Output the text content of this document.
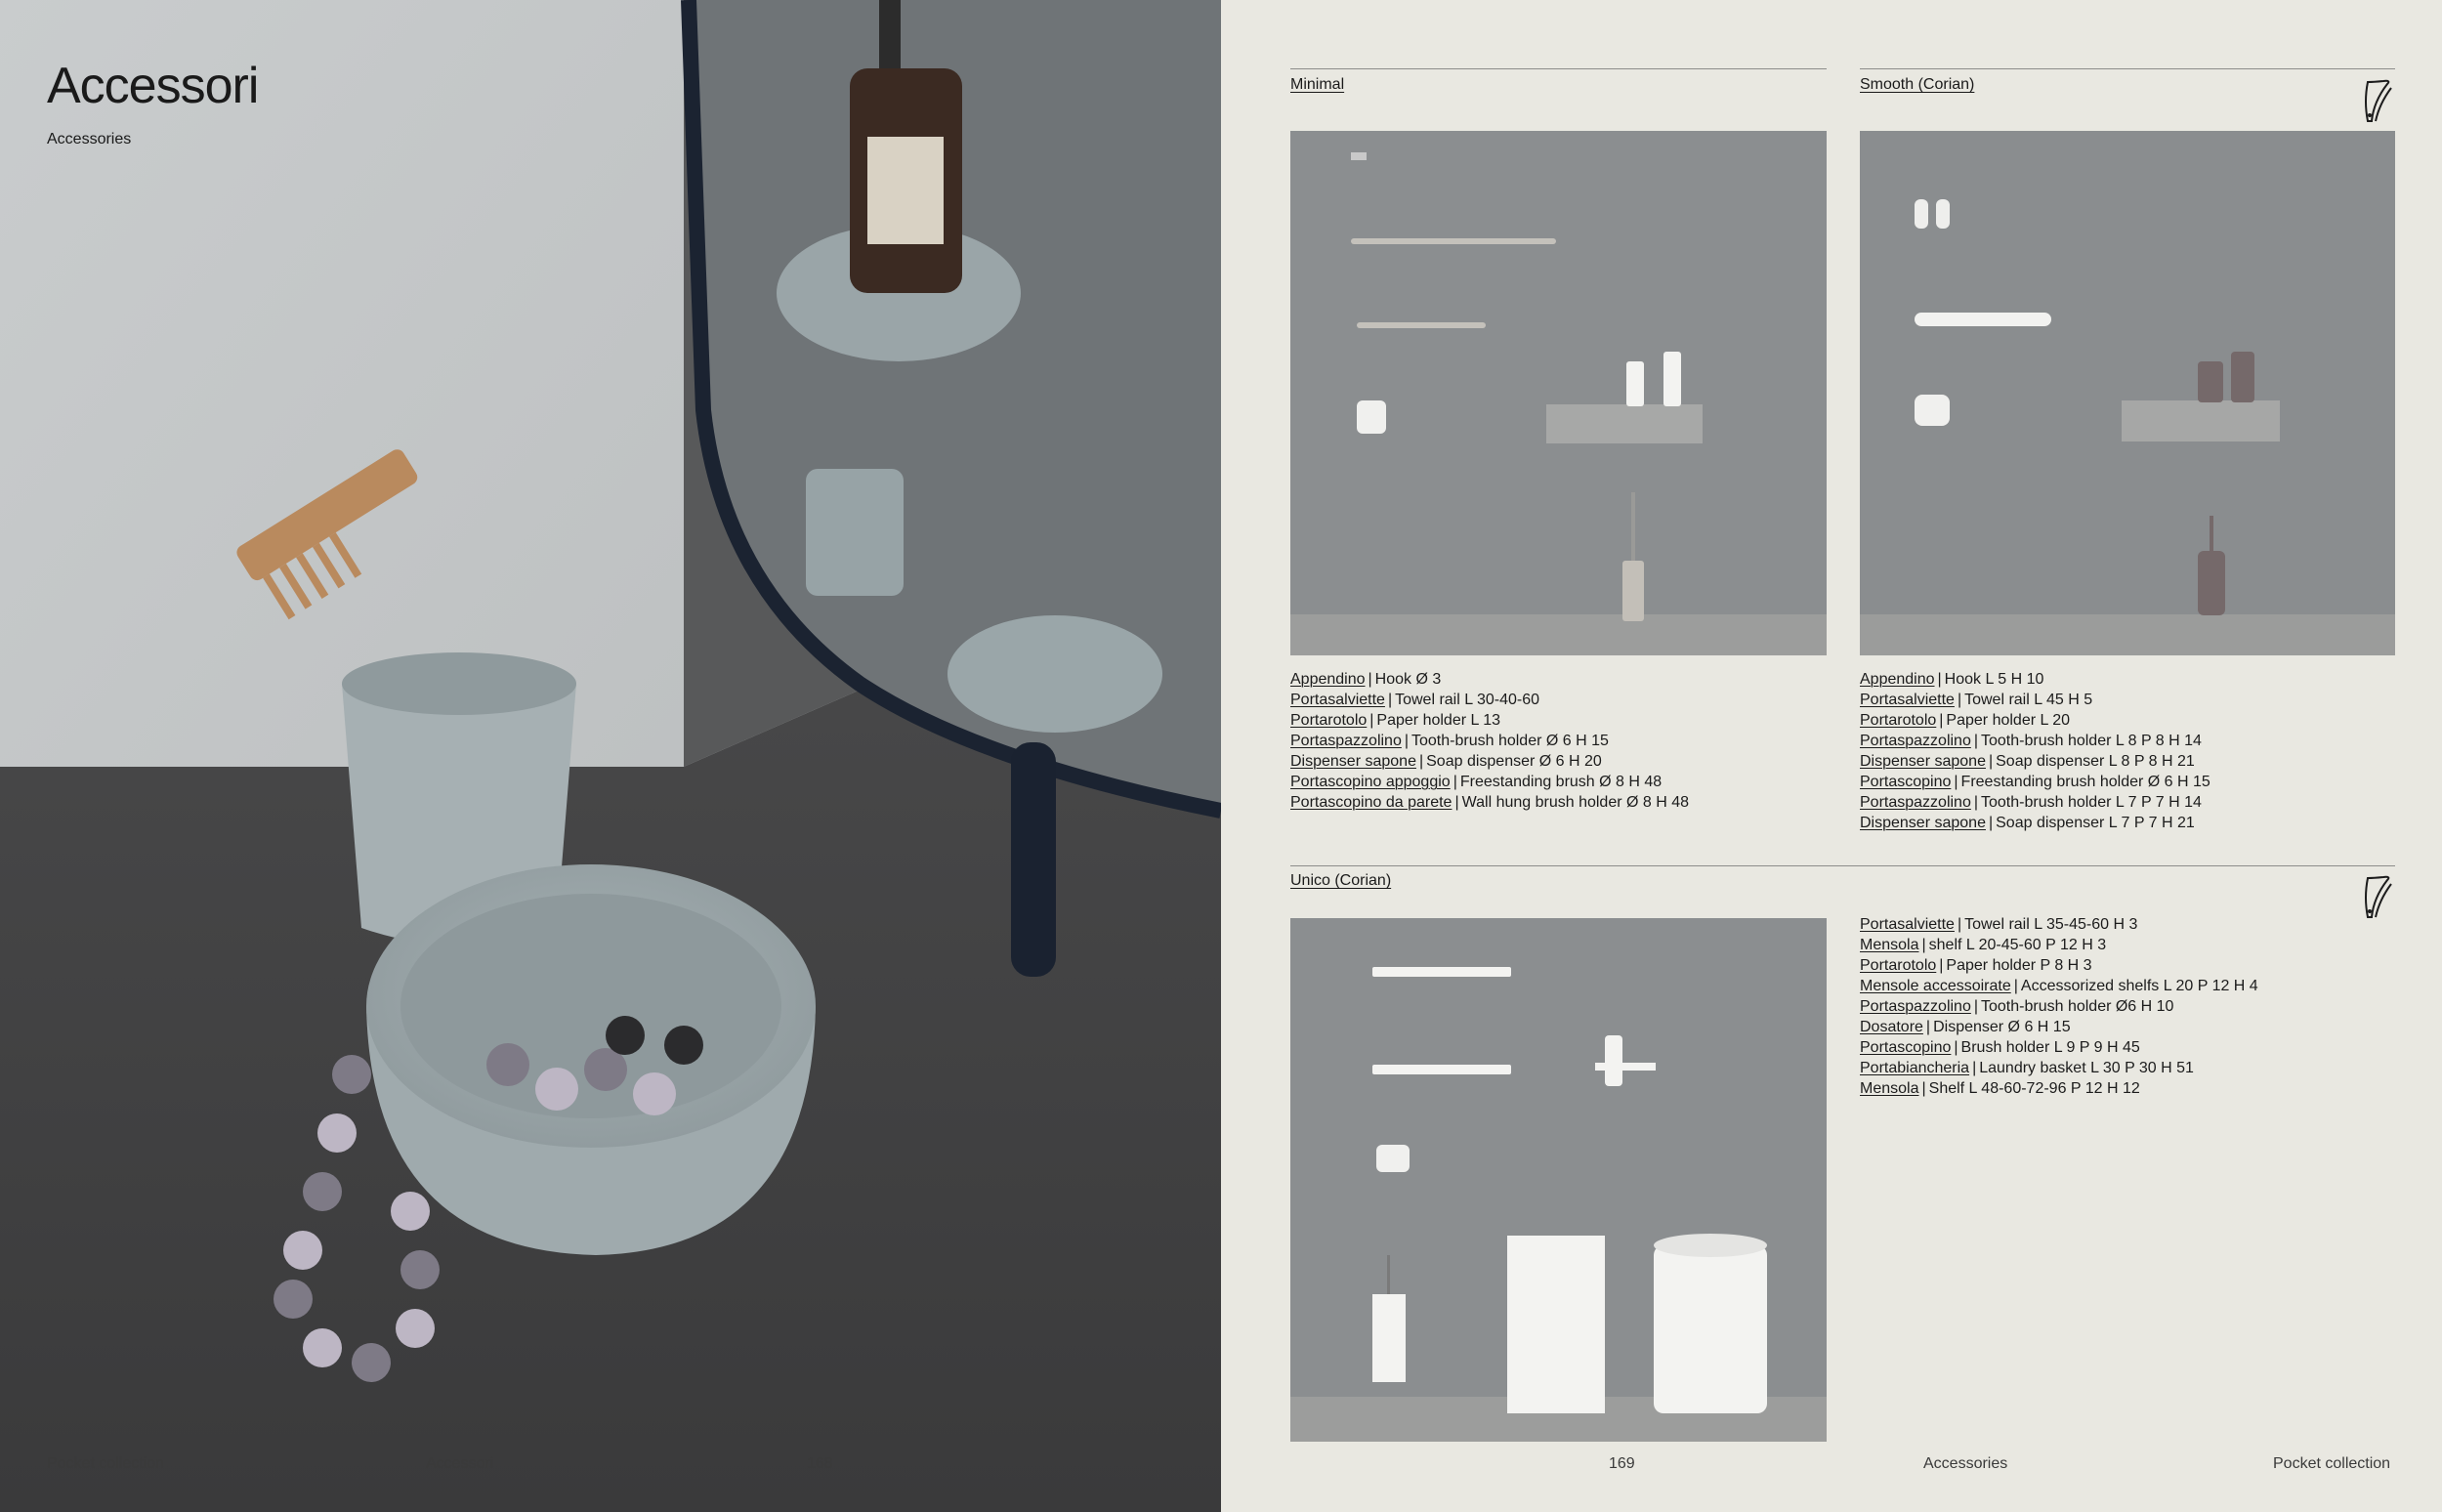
Accessori
Accessories
Pocket collection	Accessori	168
Minimal
Appendino | Hook Ø 3
Portasalviette | Towel rail L 30-40-60
Portarotolo | Paper holder L 13
Portaspazzolino | Tooth-brush holder Ø 6 H 15
Dispenser sapone | Soap dispenser Ø 6 H 20
Portascopino appoggio | Freestanding brush Ø 8 H 48
Portascopino da parete | Wall hung brush holder Ø 8 H 48
Smooth (Corian)
Appendino | Hook L 5 H 10
Portasalviette | Towel rail L 45 H 5
Portarotolo | Paper holder L 20
Portaspazzolino | Tooth-brush holder L 8 P 8 H 14
Dispenser sapone | Soap dispenser L 8 P 8 H 21
Portascopino | Freestanding brush holder Ø 6 H 15
Portaspazzolino | Tooth-brush holder L 7 P 7 H 14
Dispenser sapone | Soap dispenser L 7 P 7 H 21
Unico (Corian)
Portasalviette | Towel rail L 35-45-60 H 3
Mensola | shelf L 20-45-60 P 12 H 3
Portarotolo | Paper holder P 8 H 3
Mensole accessoirate | Accessorized shelfs L 20 P 12 H 4
Portaspazzolino | Tooth-brush holder Ø6 H 10
Dosatore | Dispenser Ø 6 H 15
Portascopino | Brush holder L 9 P 9 H 45
Portabiancheria | Laundry basket L 30 P 30 H 51
Mensola | Shelf L 48-60-72-96 P 12 H 12
169	Accessories	Pocket collection
